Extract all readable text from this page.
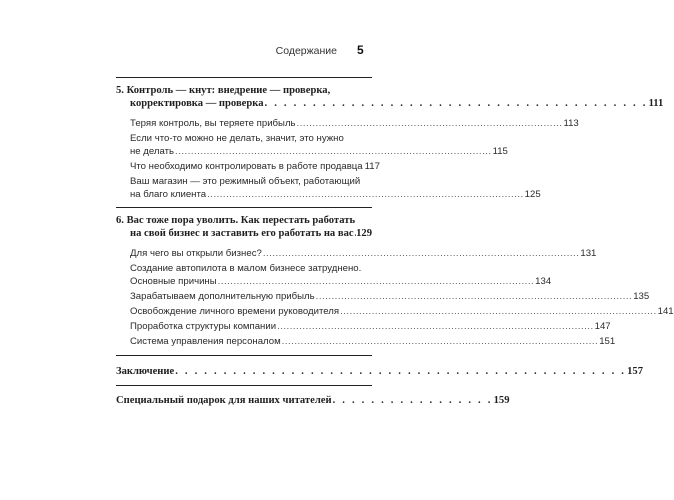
Содержание 5
5. Контроль — кнут: внедрение — проверка,
корректировка — проверка . . . . . . . . . . . . . . . . . . . . . . . . . . . . . . . . . . . . . . . . 111
Теряя контроль, вы теряете прибыль .................................................................................... 113
Если что-то можно не делать, значит, это нужно
не делать .................................................................................................... 115
Что необходимо контролировать в работе продавца 117
Ваш магазин — это режимный объект, работающий
на благо клиента .................................................................................................... 125
6. Вас тоже пора уволить. Как перестать работать
на свой бизнес и заставить его работать на вас 129
Для чего вы открыли бизнес? .................................................................................................... 131
Создание автопилота в малом бизнесе затруднено.
Основные причины .................................................................................................... 134
Зарабатываем дополнительную прибыль .................................................................................................... 135
Освобождение личного времени руководителя .................................................................................................... 141
Проработка структуры компании .................................................................................................... 147
Система управления персоналом .................................................................................................... 151
Заключение . . . . . . . . . . . . . . . . . . . . . . . . . . . . . . . . . . . . . . . . . . . . . . . 157
Специальный подарок для наших читателей . . . . . . . . . . . . . . . . . 159
